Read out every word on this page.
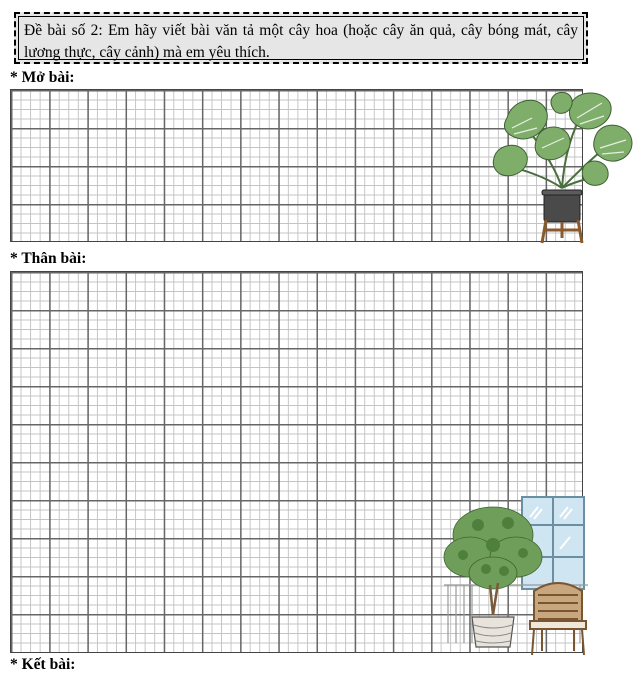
Đề bài số 2: Em hãy viết bài văn tả một cây hoa (hoặc cây ăn quả, cây bóng mát, cây lương thực, cây cảnh) mà em yêu thích.

* Mở bài:
* Thân bài:
* Kết bài:
